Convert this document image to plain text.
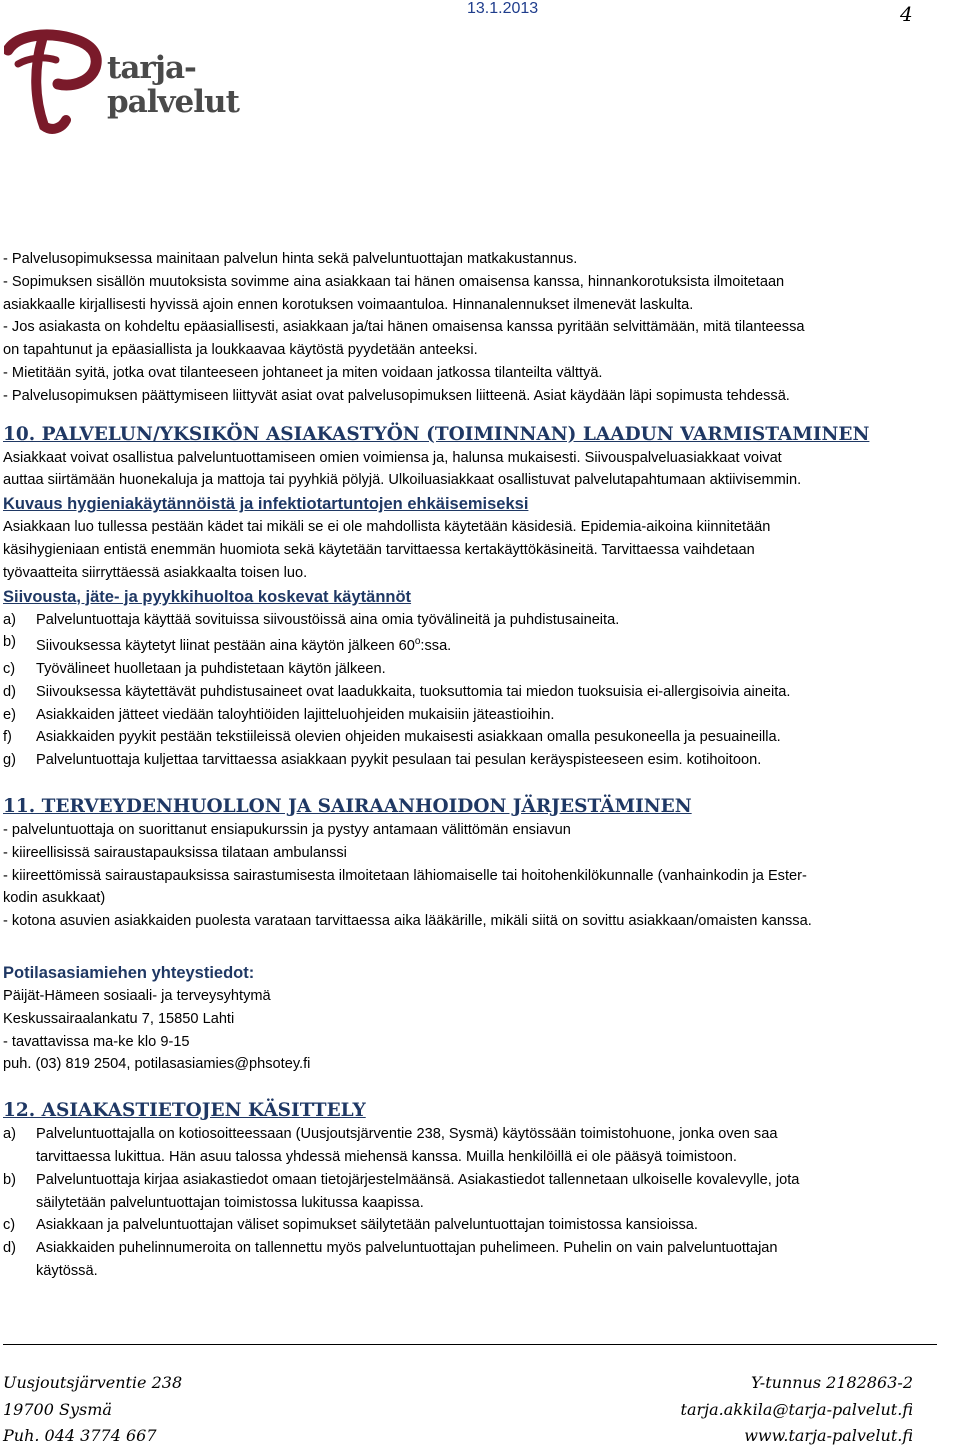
13.1.2013	4
tarja-
palvelut

- Palvelusopimuksessa mainitaan palvelun hinta sekä palveluntuottajan matkakustannus.

- Sopimuksen sisällön muutoksista sovimme aina asiakkaan tai hänen omaisensa kanssa, hinnankorotuksista ilmoitetaan

asiakkaalle kirjallisesti hyvissä ajoin ennen korotuksen voimaantuloa. Hinnanalennukset ilmenevät laskulta.

- Jos asiakasta on kohdeltu epäasiallisesti, asiakkaan ja/tai hänen omaisensa kanssa pyritään selvittämään, mitä tilanteessa

on tapahtunut ja epäasiallista ja loukkaavaa käytöstä pyydetään anteeksi.

- Mietitään syitä, jotka ovat tilanteeseen johtaneet ja miten voidaan jatkossa tilanteilta välttyä.

- Palvelusopimuksen päättymiseen liittyvät asiat ovat palvelusopimuksen liitteenä. Asiat käydään läpi sopimusta tehdessä.

10. PALVELUN/YKSIKÖN ASIAKASTYÖN (TOIMINNAN) LAADUN VARMISTAMINEN

Asiakkaat voivat osallistua palveluntuottamiseen omien voimiensa ja, halunsa mukaisesti. Siivouspalveluasiakkaat voivat

auttaa siirtämään huonekaluja ja mattoja tai pyyhkiä pölyjä. Ulkoiluasiakkaat osallistuvat palvelutapahtumaan aktiivisemmin.

Kuvaus hygieniakäytännöistä ja infektiotartuntojen ehkäisemiseksi

Asiakkaan luo tullessa pestään kädet tai mikäli se ei ole mahdollista käytetään käsidesiä. Epidemia-aikoina kiinnitetään

käsihygieniaan entistä enemmän huomiota sekä käytetään tarvittaessa kertakäyttökäsineitä. Tarvittaessa vaihdetaan

työvaatteita siirryttäessä asiakkaalta toisen luo.

Siivousta, jäte- ja pyykkihuoltoa koskevat käytännöt

a)	Palveluntuottaja käyttää sovituissa siivoustöissä aina omia työvälineitä ja puhdistusaineita.
b)	Siivouksessa käytetyt liinat pestään aina käytön jälkeen 60$^o$:ssa.
c)	Työvälineet huolletaan ja puhdistetaan käytön jälkeen.
d)	Siivouksessa käytettävät puhdistusaineet ovat laadukkaita, tuoksuttomia tai miedon tuoksuisia ei-allergisoivia aineita.
e)	Asiakkaiden jätteet viedään taloyhtiöiden lajitteluohjeiden mukaisiin jäteastioihin.
f)	Asiakkaiden pyykit pestään tekstiileissä olevien ohjeiden mukaisesti asiakkaan omalla pesukoneella ja pesuaineilla.
g)	Palveluntuottaja kuljettaa tarvittaessa asiakkaan pyykit pesulaan tai pesulan keräyspisteeseen esim. kotihoitoon.

11. TERVEYDENHUOLLON JA SAIRAANHOIDON JÄRJESTÄMINEN

- palveluntuottaja on suorittanut ensiapukurssin ja pystyy antamaan välittömän ensiavun

- kiireellisissä sairaustapauksissa tilataan ambulanssi

- kiireettömissä sairaustapauksissa sairastumisesta ilmoitetaan lähiomaiselle tai hoitohenkilökunnalle (vanhainkodin ja Ester-

kodin asukkaat)

- kotona asuvien asiakkaiden puolesta varataan tarvittaessa aika lääkärille, mikäli siitä on sovittu asiakkaan/omaisten kanssa.

Potilasasiamiehen yhteystiedot:

Päijät-Hämeen sosiaali- ja terveysyhtymä

Keskussairaalankatu 7, 15850 Lahti

- tavattavissa ma-ke klo 9-15

puh. (03) 819 2504, potilasasiamies@phsotey.fi

12. ASIAKASTIETOJEN KÄSITTELY

a)	Palveluntuottajalla on kotiosoitteessaan (Uusjoutsjärventie 238, Sysmä) käytössään toimistohuone, jonka oven saa
tarvittaessa lukittua. Hän asuu talossa yhdessä miehensä kanssa. Muilla henkilöillä ei ole pääsyä toimistoon.
b)	Palveluntuottaja kirjaa asiakastiedot omaan tietojärjestelmäänsä. Asiakastiedot tallennetaan ulkoiselle kovalevylle, jota
säilytetään palveluntuottajan toimistossa lukitussa kaapissa.
c)	Asiakkaan ja palveluntuottajan väliset sopimukset säilytetään palveluntuottajan toimistossa kansioissa.
d)	Asiakkaiden puhelinnumeroita on tallennettu myös palveluntuottajan puhelimeen. Puhelin on vain palveluntuottajan
käytössä.
Uusjoutsjärventie 238	Y-tunnus 2182863-2
19700 Sysmä	tarja.akkila@tarja-palvelut.fi
Puh. 044 3774 667	www.tarja-palvelut.fi
